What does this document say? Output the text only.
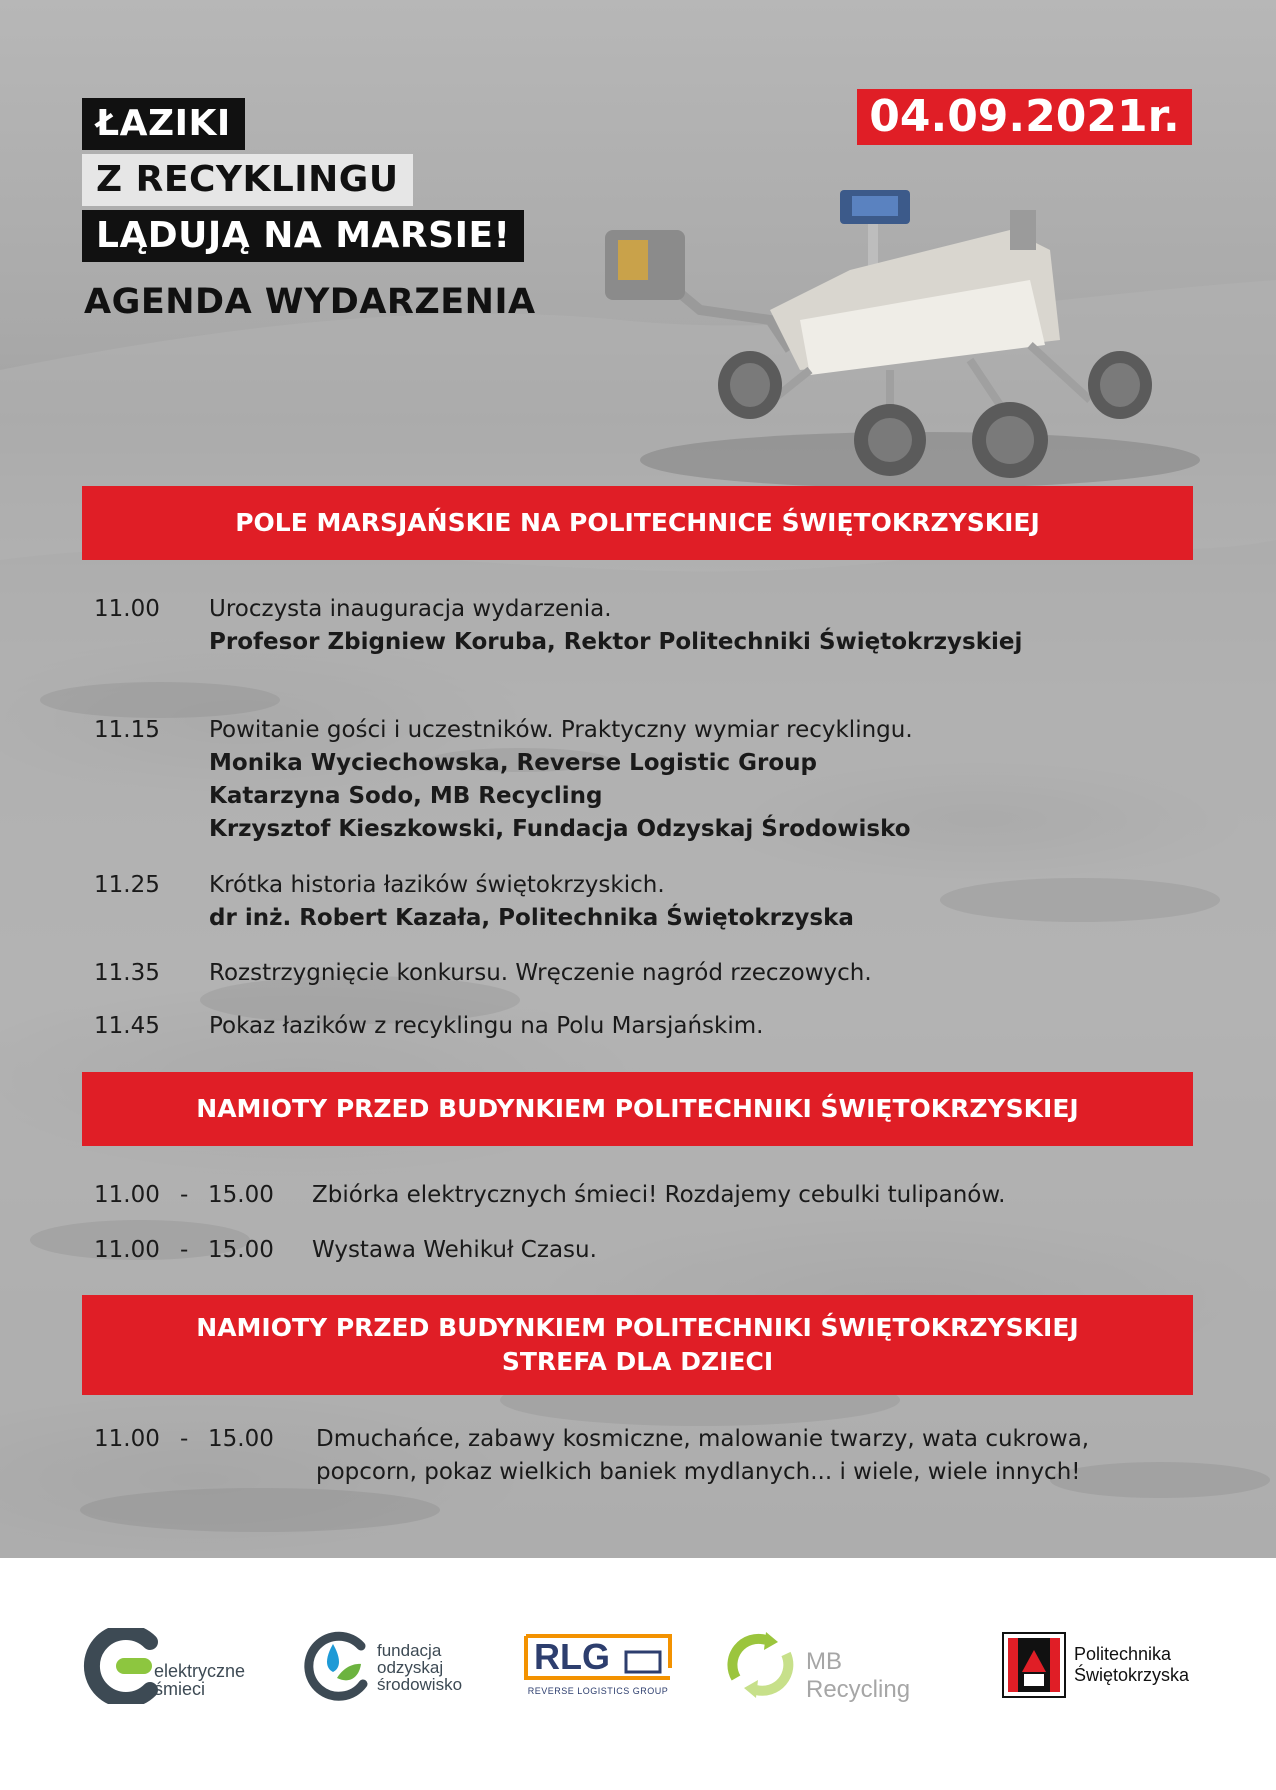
ŁAZIKI
Z RECYKLINGU
LĄDUJĄ NA MARSIE!
AGENDA WYDARZENIA
04.09.2021r.
POLE MARSJAŃSKIE NA POLITECHNICE ŚWIĘTOKRZYSKIEJ
11.00 Uroczysta inauguracja wydarzenia.
Profesor Zbigniew Koruba, Rektor Politechniki Świętokrzyskiej
11.15 Powitanie gości i uczestników. Praktyczny wymiar recyklingu.
Monika Wyciechowska, Reverse Logistic Group
Katarzyna Sodo, MB Recycling
Krzysztof Kieszkowski, Fundacja Odzyskaj Środowisko
11.25 Krótka historia łazików świętokrzyskich.
dr inż. Robert Kazała, Politechnika Świętokrzyska
11.35 Rozstrzygnięcie konkursu. Wręczenie nagród rzeczowych.
11.45 Pokaz łazików z recyklingu na Polu Marsjańskim.
NAMIOTY PRZED BUDYNKIEM POLITECHNIKI ŚWIĘTOKRZYSKIEJ
11.00 - 15.00 Zbiórka elektrycznych śmieci! Rozdajemy cebulki tulipanów.
11.00 - 15.00 Wystawa Wehikuł Czasu.
NAMIOTY PRZED BUDYNKIEM POLITECHNIKI ŚWIĘTOKRZYSKIEJ
STREFA DLA DZIECI
11.00 - 15.00 Dmuchańce, zabawy kosmiczne, malowanie twarzy, wata cukrowa,
popcorn, pokaz wielkich baniek mydlanych... i wiele, wiele innych!
elektryczne
śmieci
fundacja
odzyskaj
środowisko
RLG
REVERSE LOGISTICS GROUP
MB Recycling
Politechnika
Świętokrzyska
